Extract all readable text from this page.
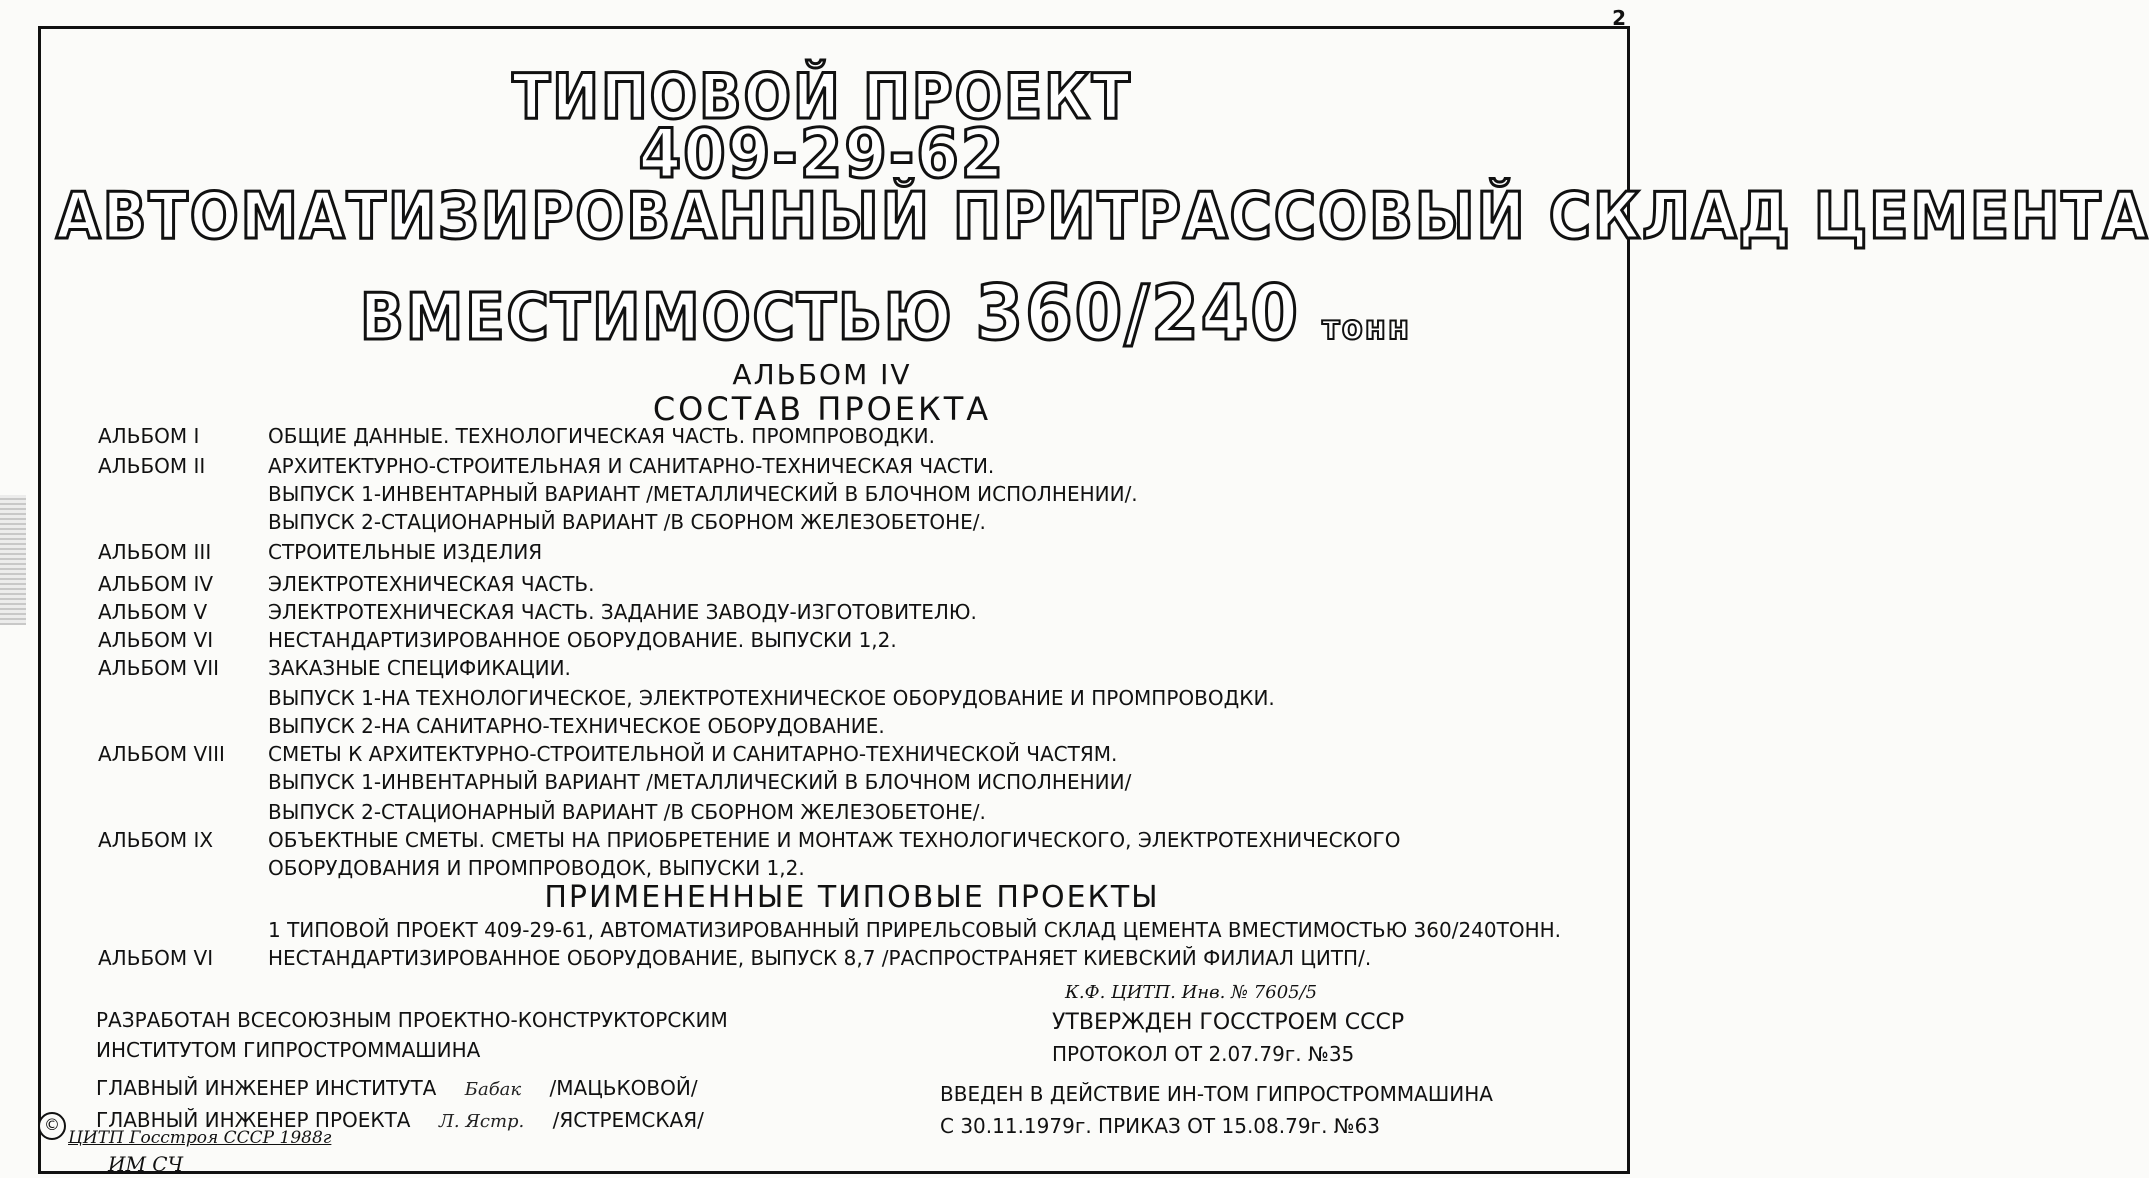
2
ТИПОВОЙ ПРОЕКТ
409-29-62
АВТОМАТИЗИРОВАННЫЙ ПРИТРАССОВЫЙ СКЛАД ЦЕМЕНТА
ВМЕСТИМОСТЬЮ 360/240 тонн
АЛЬБОМ IV
СОСТАВ ПРОЕКТА
АЛЬБОМ I	ОБЩИЕ ДАННЫЕ. ТЕХНОЛОГИЧЕСКАЯ ЧАСТЬ. ПРОМПРОВОДКИ.
АЛЬБОМ II	АРХИТЕКТУРНО-СТРОИТЕЛЬНАЯ И САНИТАРНО-ТЕХНИЧЕСКАЯ ЧАСТИ.
ВЫПУСК 1-ИНВЕНТАРНЫЙ ВАРИАНТ /МЕТАЛЛИЧЕСКИЙ В БЛОЧНОМ ИСПОЛНЕНИИ/.
ВЫПУСК 2-СТАЦИОНАРНЫЙ ВАРИАНТ /В СБОРНОМ ЖЕЛЕЗОБЕТОНЕ/.
АЛЬБОМ III	СТРОИТЕЛЬНЫЕ ИЗДЕЛИЯ
АЛЬБОМ IV	ЭЛЕКТРОТЕХНИЧЕСКАЯ ЧАСТЬ.
АЛЬБОМ V	ЭЛЕКТРОТЕХНИЧЕСКАЯ ЧАСТЬ. ЗАДАНИЕ ЗАВОДУ-ИЗГОТОВИТЕЛЮ.
АЛЬБОМ VI	НЕСТАНДАРТИЗИРОВАННОЕ ОБОРУДОВАНИЕ. ВЫПУСКИ 1,2.
АЛЬБОМ VII	ЗАКАЗНЫЕ СПЕЦИФИКАЦИИ.
ВЫПУСК 1-НА ТЕХНОЛОГИЧЕСКОЕ, ЭЛЕКТРОТЕХНИЧЕСКОЕ ОБОРУДОВАНИЕ И ПРОМПРОВОДКИ.
ВЫПУСК 2-НА САНИТАРНО-ТЕХНИЧЕСКОЕ ОБОРУДОВАНИЕ.
АЛЬБОМ VIII	СМЕТЫ К АРХИТЕКТУРНО-СТРОИТЕЛЬНОЙ И САНИТАРНО-ТЕХНИЧЕСКОЙ ЧАСТЯМ.
ВЫПУСК 1-ИНВЕНТАРНЫЙ ВАРИАНТ /МЕТАЛЛИЧЕСКИЙ В БЛОЧНОМ ИСПОЛНЕНИИ/
ВЫПУСК 2-СТАЦИОНАРНЫЙ ВАРИАНТ /В СБОРНОМ ЖЕЛЕЗОБЕТОНЕ/.
АЛЬБОМ IX	ОБЪЕКТНЫЕ СМЕТЫ. СМЕТЫ НА ПРИОБРЕТЕНИЕ И МОНТАЖ ТЕХНОЛОГИЧЕСКОГО, ЭЛЕКТРОТЕХНИЧЕСКОГО
ОБОРУДОВАНИЯ И ПРОМПРОВОДОК, ВЫПУСКИ 1,2.
ПРИМЕНЕННЫЕ ТИПОВЫЕ ПРОЕКТЫ
1 ТИПОВОЙ ПРОЕКТ 409-29-61, АВТОМАТИЗИРОВАННЫЙ ПРИРЕЛЬСОВЫЙ СКЛАД ЦЕМЕНТА ВМЕСТИМОСТЬЮ 360/240ТОНН.
АЛЬБОМ VI	НЕСТАНДАРТИЗИРОВАННОЕ ОБОРУДОВАНИЕ, ВЫПУСК 8,7 /РАСПРОСТРАНЯЕТ КИЕВСКИЙ ФИЛИАЛ ЦИТП/.
К.Ф. ЦИТП. Инв. № 7605/5
РАЗРАБОТАН ВСЕСОЮЗНЫМ ПРОЕКТНО-КОНСТРУКТОРСКИМ
ИНСТИТУТОМ ГИПРОСТРОММАШИНА
УТВЕРЖДЕН ГОССТРОЕМ СССР
ПРОТОКОЛ ОТ 2.07.79г. №35
ГЛАВНЫЙ ИНЖЕНЕР ИНСТИТУТА Бабак /МАЦЬКОВОЙ/
ГЛАВНЫЙ ИНЖЕНЕР ПРОЕКТА Л. Ястр. /ЯСТРЕМСКАЯ/
ВВЕДЕН В ДЕЙСТВИЕ ИН-ТОМ ГИПРОСТРОММАШИНА
С 30.11.1979г. ПРИКАЗ ОТ 15.08.79г. №63
©
ЦИТП Госстроя СССР 1988г
ИМ СЧ
